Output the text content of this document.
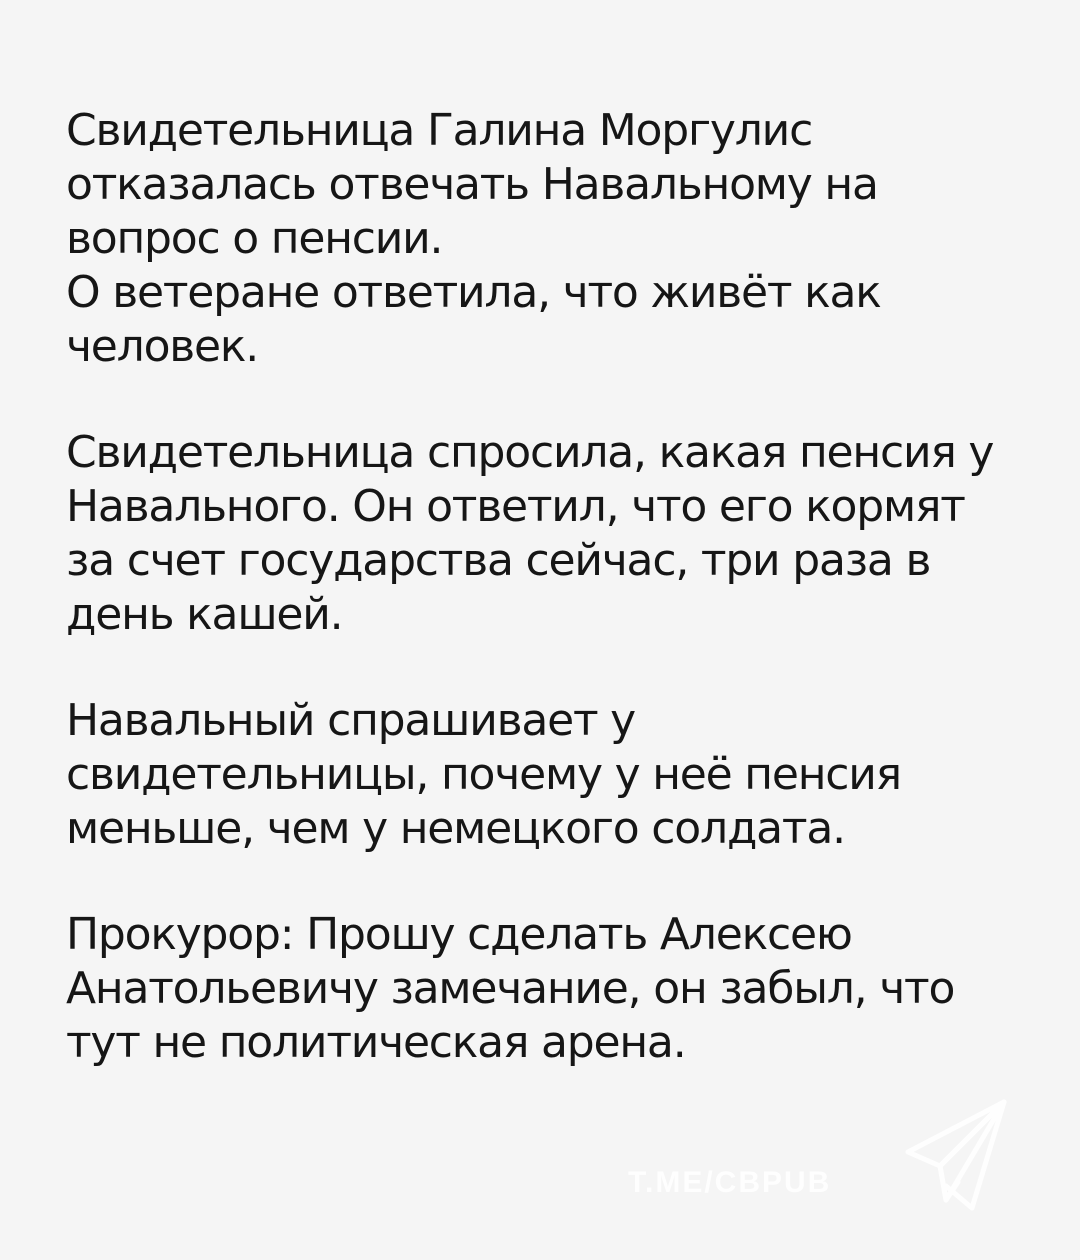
Свидетельница Галина Моргулис
отказалась отвечать Навальному на
вопрос о пенсии.
О ветеране ответила, что живёт как
человек.

Свидетельница спросила, какая пенсия у
Навального. Он ответил, что его кормят
за счет государства сейчас, три раза в
день кашей.

Навальный спрашивает у
свидетельницы, почему у неё пенсия
меньше, чем у немецкого солдата.

Прокурор: Прошу сделать Алексею
Анатольевичу замечание, он забыл, что
тут не политическая арена.

T.ME/CBPUB
